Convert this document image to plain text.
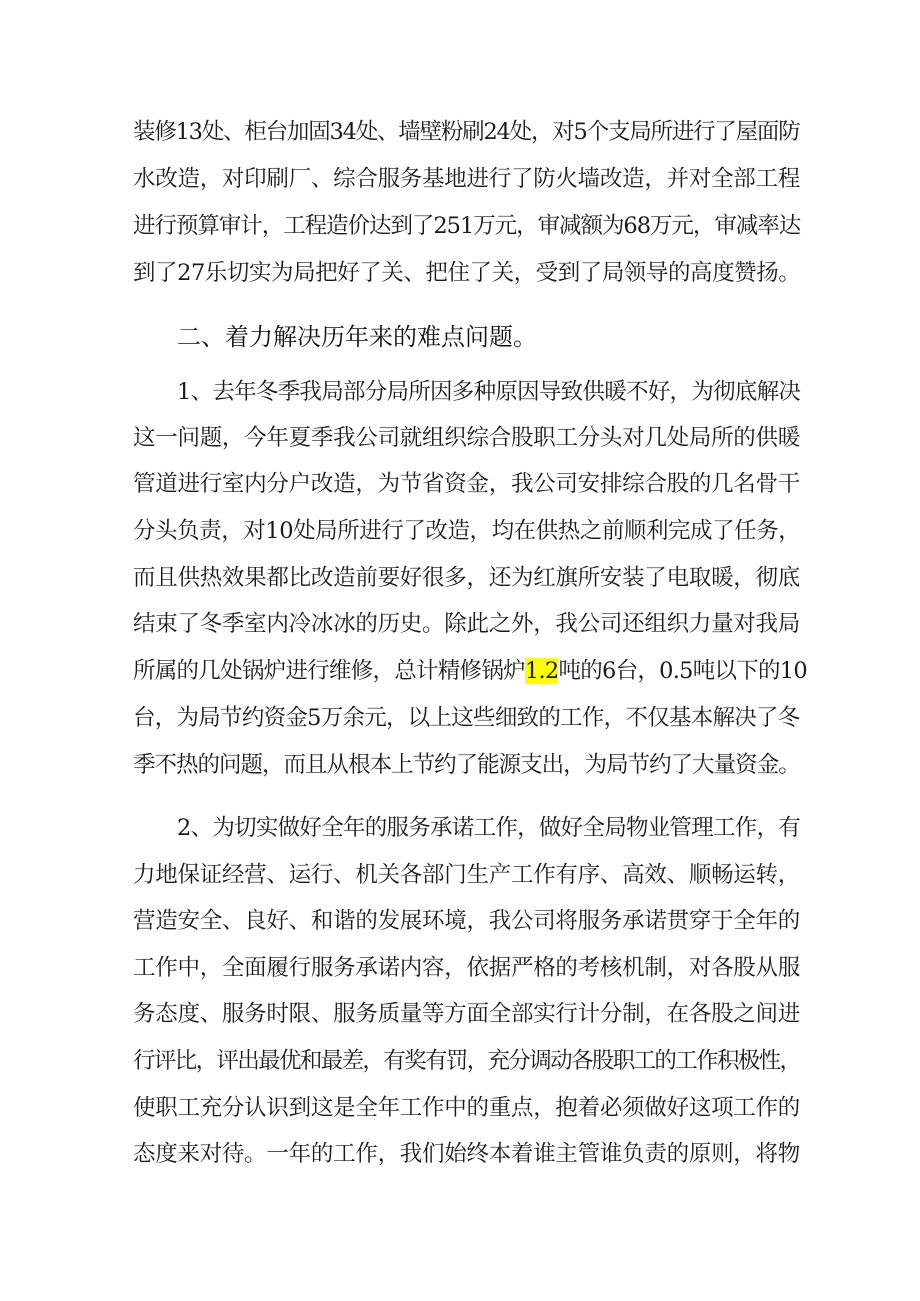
装修13处、柜台加固34处、墙壁粉刷24处，对5个支局所进行了屋面防
水改造，对印刷厂、综合服务基地进行了防火墙改造，并对全部工程
进行预算审计，工程造价达到了251万元，审减额为68万元，审减率达
到了27乐切实为局把好了关、把住了关，受到了局领导的高度赞扬。
二、着力解决历年来的难点问题。
1、去年冬季我局部分局所因多种原因导致供暖不好，为彻底解决
这一问题，今年夏季我公司就组织综合股职工分头对几处局所的供暖
管道进行室内分户改造，为节省资金，我公司安排综合股的几名骨干
分头负责，对10处局所进行了改造，均在供热之前顺利完成了任务，
而且供热效果都比改造前要好很多，还为红旗所安装了电取暖，彻底
结束了冬季室内冷冰冰的历史。除此之外，我公司还组织力量对我局
所属的几处锅炉进行维修，总计精修锅炉1.2吨的6台，0.5吨以下的10
台，为局节约资金5万余元，以上这些细致的工作，不仅基本解决了冬
季不热的问题，而且从根本上节约了能源支出，为局节约了大量资金。
2、为切实做好全年的服务承诺工作，做好全局物业管理工作，有
力地保证经营、运行、机关各部门生产工作有序、高效、顺畅运转，
营造安全、良好、和谐的发展环境，我公司将服务承诺贯穿于全年的
工作中，全面履行服务承诺内容，依据严格的考核机制，对各股从服
务态度、服务时限、服务质量等方面全部实行计分制，在各股之间进
行评比，评出最优和最差，有奖有罚，充分调动各股职工的工作积极性，
使职工充分认识到这是全年工作中的重点，抱着必须做好这项工作的
态度来对待。一年的工作，我们始终本着谁主管谁负责的原则，将物
